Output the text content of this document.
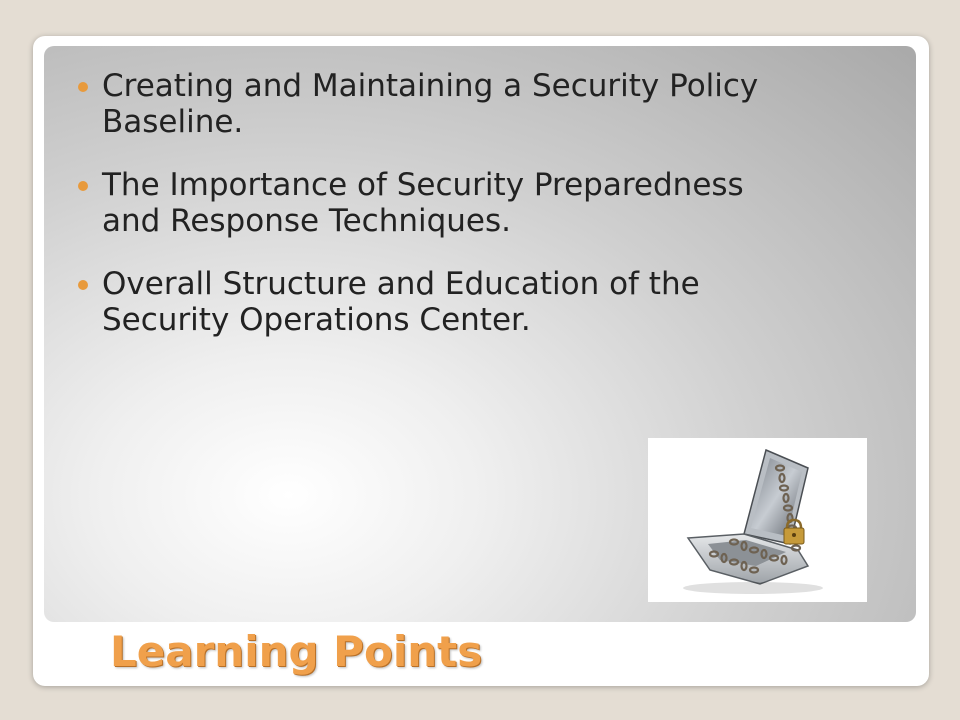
Creating and Maintaining a Security Policy
Baseline.
The Importance of Security Preparedness
and Response Techniques.
Overall Structure and Education of the
Security Operations Center.
Learning Points
